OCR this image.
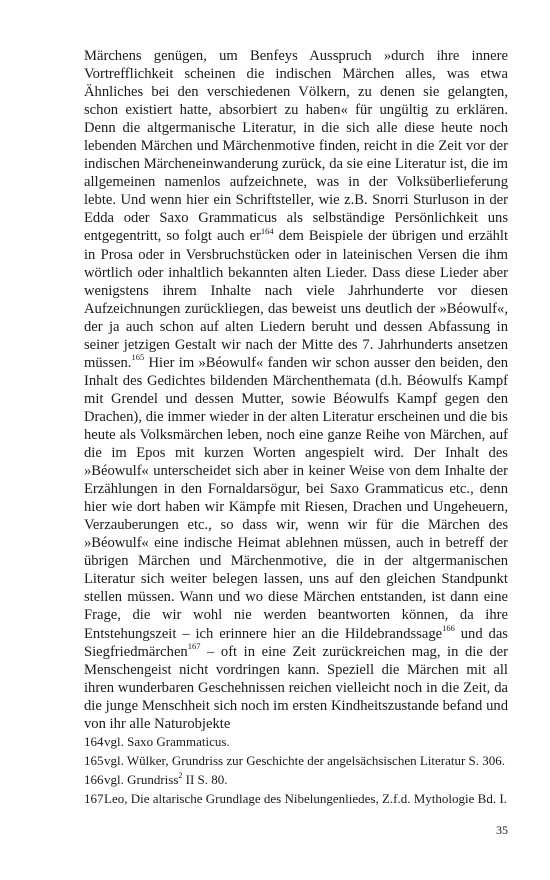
Märchens genügen, um Benfeys Ausspruch »durch ihre innere Vortrefflichkeit scheinen die indischen Märchen alles, was etwa Ähnliches bei den verschiedenen Völkern, zu denen sie gelangten, schon existiert hatte, absorbiert zu haben« für ungültig zu erklären. Denn die altgermanische Literatur, in die sich alle diese heute noch lebenden Märchen und Märchenmotive finden, reicht in die Zeit vor der indischen Märcheneinwanderung zurück, da sie eine Literatur ist, die im allgemeinen namenlos aufzeichnete, was in der Volksüberlieferung lebte. Und wenn hier ein Schriftsteller, wie z.B. Snorri Sturluson in der Edda oder Saxo Grammaticus als selbständige Persönlichkeit uns entgegentritt, so folgt auch $er^{164}$ dem Beispiele der übrigen und erzählt in Prosa oder in Versbruchstücken oder in lateinischen Versen die ihm wörtlich oder inhaltlich bekannten alten Lieder. Dass diese Lieder aber wenigstens ihrem Inhalte nach viele Jahrhunderte vor diesen Aufzeichnungen zurückliegen, das beweist uns deutlich der »Béowulf«, der ja auch schon auf alten Liedern beruht und dessen Abfassung in seiner jetzigen Gestalt wir nach der Mitte des 7. Jahrhunderts ansetzen müssen.$^{165}$ Hier im »Béowulf« fanden wir schon ausser den beiden, den Inhalt des Gedichtes bildenden Märchenthemata (d.h. Béowulfs Kampf mit Grendel und dessen Mutter, sowie Béowulfs Kampf gegen den Drachen), die immer wieder in der alten Literatur erscheinen und die bis heute als Volksmärchen leben, noch eine ganze Reihe von Märchen, auf die im Epos mit kurzen Worten angespielt wird. Der Inhalt des »Béowulf« unterscheidet sich aber in keiner Weise von dem Inhalte der Erzählungen in den Fornaldarsögur, bei Saxo Grammaticus etc., denn hier wie dort haben wir Kämpfe mit Riesen, Drachen und Ungeheuern, Verzauberungen etc., so dass wir, wenn wir für die Märchen des »Béowulf« eine indische Heimat ablehnen müssen, auch in betreff der übrigen Märchen und Märchenmotive, die in der altgermanischen Literatur sich weiter belegen lassen, uns auf den gleichen Standpunkt stellen müssen. Wann und wo diese Märchen entstanden, ist dann eine Frage, die wir wohl nie werden beantworten können, da ihre Entstehungszeit – ich erinnere hier an die Hildebrandssage$^{166}$ und das Siegfriedmärchen$^{167}$ – oft in eine Zeit zurückreichen mag, in die der Menschengeist nicht vordringen kann. Speziell die Märchen mit all ihren wunderbaren Geschehnissen reichen vielleicht noch in die Zeit, da die junge Menschheit sich noch im ersten Kindheitszustande befand und von ihr alle Naturobjekte

164 vgl. Saxo Grammaticus.

165 vgl. Wülker, Grundriss zur Geschichte der angelsächsischen Literatur S. 306.

166 vgl. Grundriss$^2$ II S. 80.

167 Leo, Die altarische Grundlage des Nibelungenliedes, Z.f.d. Mythologie Bd. I.

35
